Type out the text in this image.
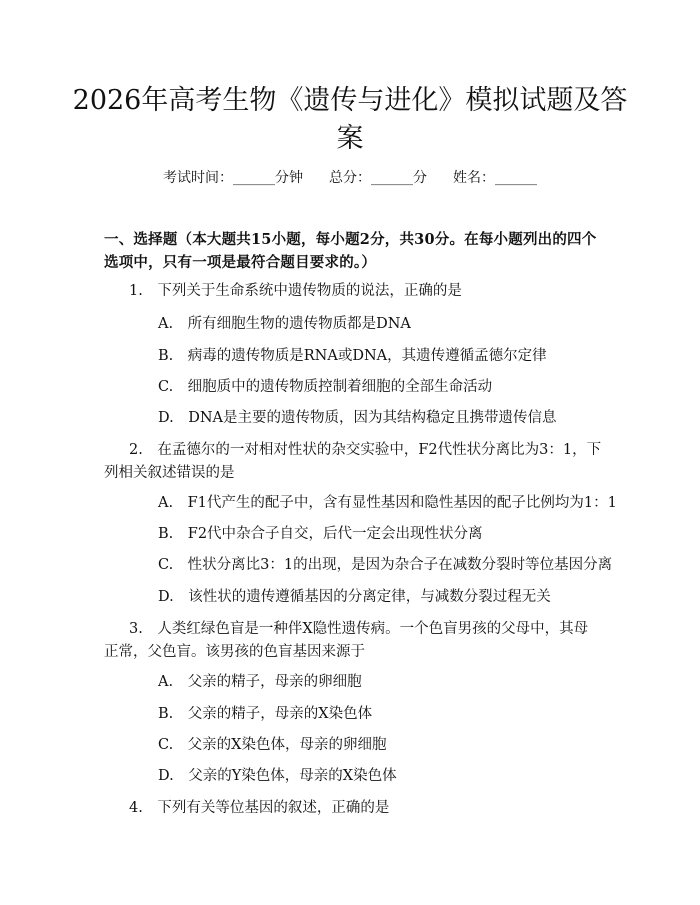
2026年高考生物《遗传与进化》模拟试题及答案
考试时间：______分钟 总分：______分 姓名：______
一、选择题（本大题共15小题，每小题2分，共30分。在每小题列出的四个选项中，只有一项是最符合题目要求的。）
1.　下列关于生命系统中遗传物质的说法，正确的是
A.　所有细胞生物的遗传物质都是DNA
B.　病毒的遗传物质是RNA或DNA，其遗传遵循孟德尔定律
C.　细胞质中的遗传物质控制着细胞的全部生命活动
D.　DNA是主要的遗传物质，因为其结构稳定且携带遗传信息
2.　在孟德尔的一对相对性状的杂交实验中，F2代性状分离比为3：1，下列相关叙述错误的是
A.　F1代产生的配子中，含有显性基因和隐性基因的配子比例均为1：1
B.　F2代中杂合子自交，后代一定会出现性状分离
C.　性状分离比3：1的出现，是因为杂合子在减数分裂时等位基因分离
D.　该性状的遗传遵循基因的分离定律，与减数分裂过程无关
3.　人类红绿色盲是一种伴X隐性遗传病。一个色盲男孩的父母中，其母正常，父色盲。该男孩的色盲基因来源于
A.　父亲的精子，母亲的卵细胞
B.　父亲的精子，母亲的X染色体
C.　父亲的X染色体，母亲的卵细胞
D.　父亲的Y染色体，母亲的X染色体
4.　下列有关等位基因的叙述，正确的是
